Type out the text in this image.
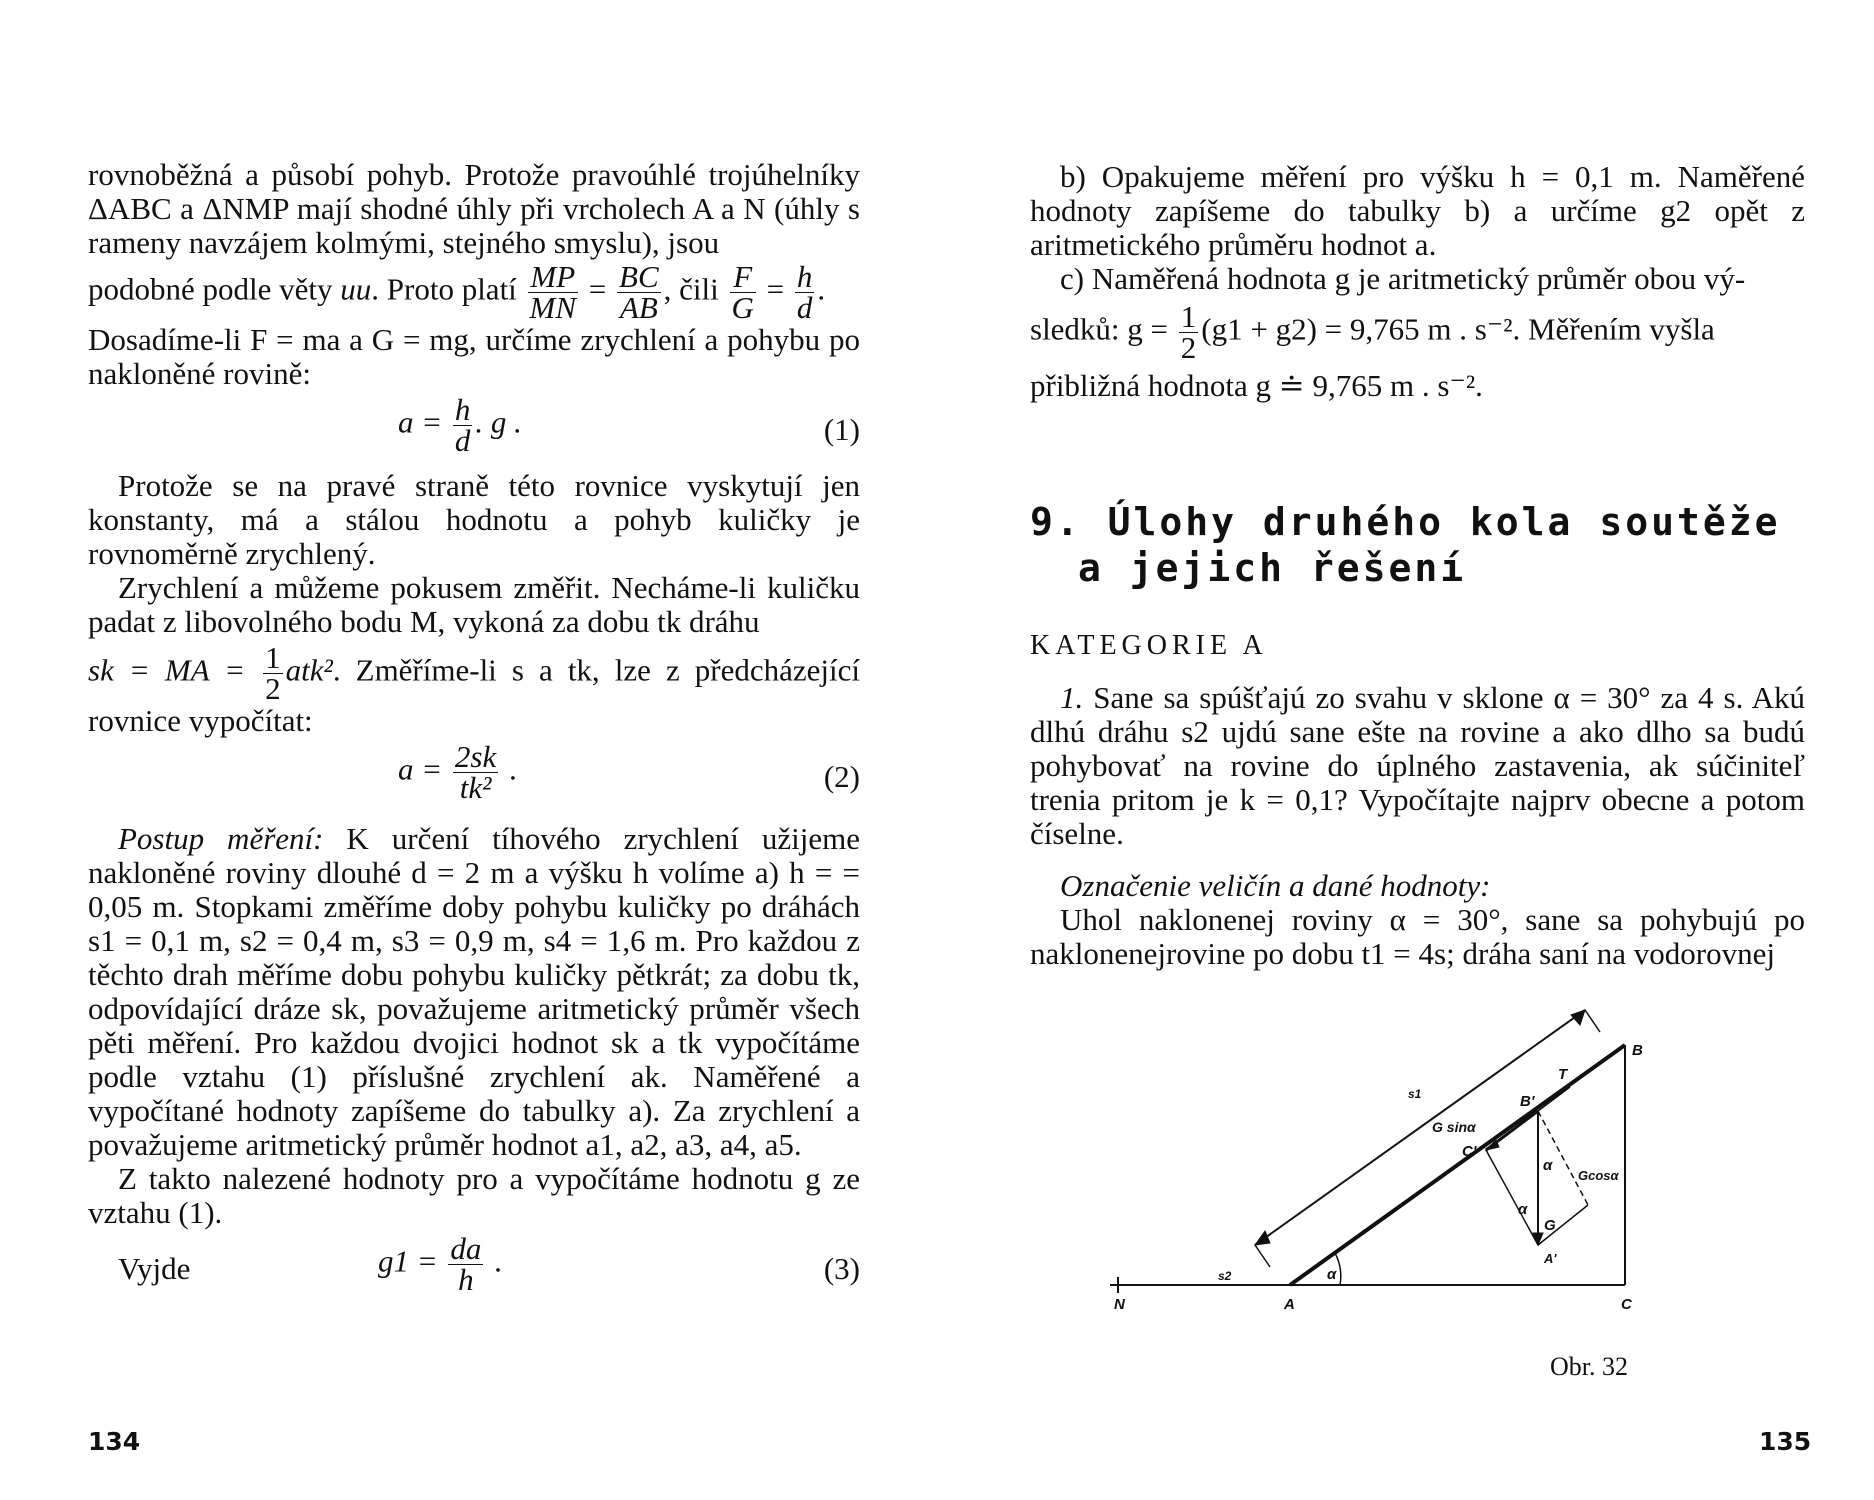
rovnoběžná a působí pohyb. Protože pravoúhlé trojúhelníky ΔABC a ΔNMP mají shodné úhly při vrcholech A a N (úhly s rameny navzájem kolmými, stejného smyslu), jsou

podobné podle věty uu. Proto platí $\frac{MP}{MN} = \frac{BC}{AB}$ , čili $\frac{F}{G} = \frac{h}{d}$ .

Dosadíme-li F = ma a G = mg, určíme zrychlení a pohybu po nakloněné rovině:

$a = \frac{h}{d}$ . g .	(1)

Protože se na pravé straně této rovnice vyskytují jen konstanty, má a stálou hodnotu a pohyb kuličky je rovnoměrně zrychlený.

Zrychlení a můžeme pokusem změřit. Necháme-li kuličku padat z libovolného bodu M, vykoná za dobu tk dráhu

sk = MA = $\frac{1}{2} atk^2$. Změříme-li s a tk, lze z předcházející rovnice vypočítat:

$a = \frac{2sk}{\text{tk²}}$ .	(2)

Postup měření: K určení tíhového zrychlení užijeme nakloněné roviny dlouhé d = 2 m a výšku h volíme a) h = = 0,05 m. Stopkami změříme doby pohybu kuličky po dráhách s1 = 0,1 m, s2 = 0,4 m, s3 = 0,9 m, s4 = 1,6 m. Pro každou z těchto drah měříme dobu pohybu kuličky pětkrát; za dobu tk, odpovídající dráze sk, považujeme aritmetický průměr všech pěti měření. Pro každou dvojici hodnot sk a tk vypočítáme podle vztahu (1) příslušné zrychlení ak. Naměřené a vypočítané hodnoty zapíšeme do tabulky a). Za zrychlení a považujeme aritmetický průměr hodnot a1, a2, a3, a4, a5.

Z takto nalezené hodnoty pro a vypočítáme hodnotu g ze vztahu (1).

Vyjde	$g1 = \frac{da}{h}$ .	(3)
134

b) Opakujeme měření pro výšku h = 0,1 m. Naměřené hodnoty zapíšeme do tabulky b) a určíme g2 opět z aritmetického průměru hodnot a.

c) Naměřená hodnota g je aritmetický průměr obou vý-

sledků: $g = \frac{1}{2} (g1 + g2) = 9,765$ m . s⁻². Měřením vyšla

přibližná hodnota g ≐ 9,765 m . s⁻².

9. Úlohy druhého kola soutěže
a jejich řešení
KATEGORIE A

1. Sane sa spúšťajú zo svahu v sklone α = 30° za 4 s. Akú dlhú dráhu s2 ujdú sane ešte na rovine a ako dlho sa budú pohybovať na rovine do úplného zastavenia, ak súčiniteľ trenia pritom je k = 0,1? Vypočítajte najprv obecne a potom číselne.

Označenie veličín a dané hodnoty:

Uhol naklonenej roviny α = 30°, sane sa pohybujú po naklonenejrovine po dobu t1 = 4s; dráha saní na vodorovnej

B
T
s1	B'
G sinα
C'
α
Gcosα
α
G
A'
s2	α
N	A	C
Obr. 32
135
